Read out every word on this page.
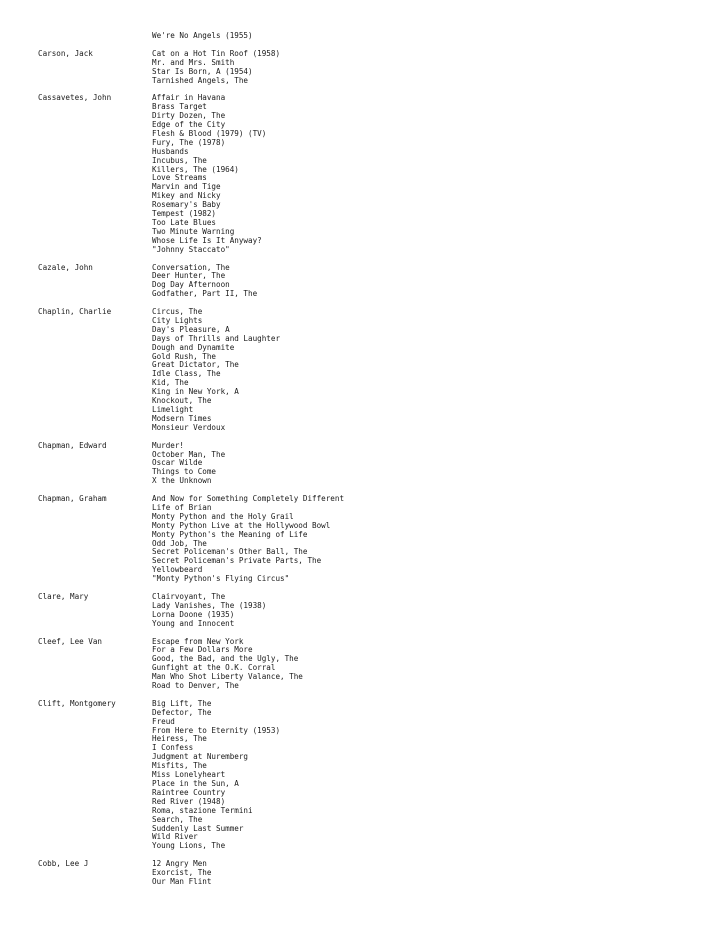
We're No Angels (1955)
Carson, Jack	Cat on a Hot Tin Roof (1958)
Mr. and Mrs. Smith
Star Is Born, A (1954)
Tarnished Angels, The
Cassavetes, John	Affair in Havana
Brass Target
Dirty Dozen, The
Edge of the City
Flesh & Blood (1979) (TV)
Fury, The (1978)
Husbands
Incubus, The
Killers, The (1964)
Love Streams
Marvin and Tige
Mikey and Nicky
Rosemary's Baby
Tempest (1982)
Too Late Blues
Two Minute Warning
Whose Life Is It Anyway?
"Johnny Staccato"
Cazale, John	Conversation, The
Deer Hunter, The
Dog Day Afternoon
Godfather, Part II, The
Chaplin, Charlie	Circus, The
City Lights
Day's Pleasure, A
Days of Thrills and Laughter
Dough and Dynamite
Gold Rush, The
Great Dictator, The
Idle Class, The
Kid, The
King in New York, A
Knockout, The
Limelight
Modsern Times
Monsieur Verdoux
Chapman, Edward	Murder!
October Man, The
Oscar Wilde
Things to Come
X the Unknown
Chapman, Graham	And Now for Something Completely Different
Life of Brian
Monty Python and the Holy Grail
Monty Python Live at the Hollywood Bowl
Monty Python's the Meaning of Life
Odd Job, The
Secret Policeman's Other Ball, The
Secret Policeman's Private Parts, The
Yellowbeard
"Monty Python's Flying Circus"
Clare, Mary	Clairvoyant, The
Lady Vanishes, The (1938)
Lorna Doone (1935)
Young and Innocent
Cleef, Lee Van	Escape from New York
For a Few Dollars More
Good, the Bad, and the Ugly, The
Gunfight at the O.K. Corral
Man Who Shot Liberty Valance, The
Road to Denver, The
Clift, Montgomery	Big Lift, The
Defector, The
Freud
From Here to Eternity (1953)
Heiress, The
I Confess
Judgment at Nuremberg
Misfits, The
Miss Lonelyheart
Place in the Sun, A
Raintree Country
Red River (1948)
Roma, stazione Termini
Search, The
Suddenly Last Summer
Wild River
Young Lions, The
Cobb, Lee J	12 Angry Men
Exorcist, The
Our Man Flint
